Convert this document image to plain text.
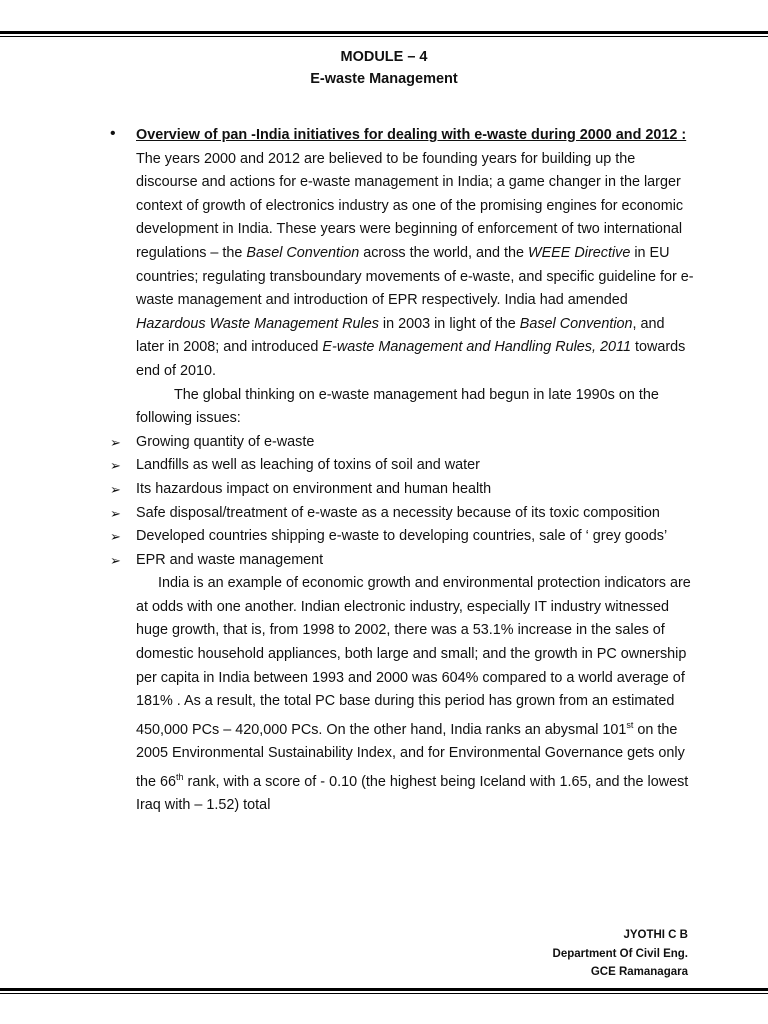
MODULE – 4
E-waste Management
• Overview of pan -India initiatives for dealing with e-waste during 2000 and 2012 : The years 2000 and 2012 are believed to be founding years for building up the discourse and actions for e-waste management in India; a game changer in the larger context of growth of electronics industry as one of the promising engines for economic development in India. These years were beginning of enforcement of two international regulations – the Basel Convention across the world, and the WEEE Directive in EU countries; regulating transboundary movements of e-waste, and specific guideline for e-waste management and introduction of EPR respectively. India had amended Hazardous Waste Management Rules in 2003 in light of the Basel Convention, and later in 2008; and introduced E-waste Management and Handling Rules, 2011 towards end of 2010.

The global thinking on e-waste management had begun in late 1990s on the following issues:

➢ Growing quantity of e-waste
➢ Landfills as well as leaching of toxins of soil and water
➢ Its hazardous impact on environment and human health
➢ Safe disposal/treatment of e-waste as a necessity because of its toxic composition
➢ Developed countries shipping e-waste to developing countries, sale of ‘ grey goods’
➢ EPR and waste management

India is an example of economic growth and environmental protection indicators are at odds with one another. Indian electronic industry, especially IT industry witnessed huge growth, that is, from 1998 to 2002, there was a 53.1% increase in the sales of domestic household appliances, both large and small; and the growth in PC ownership per capita in India between 1993 and 2000 was 604% compared to a world average of 181% . As a result, the total PC base during this period has grown from an estimated 450,000 PCs – 420,000 PCs. On the other hand, India ranks an abysmal 101st on the 2005 Environmental Sustainability Index, and for Environmental Governance gets only the 66th rank, with a score of - 0.10 (the highest being Iceland with 1.65, and the lowest Iraq with – 1.52) total

JYOTHI C B
Department Of Civil Eng.
GCE Ramanagara
